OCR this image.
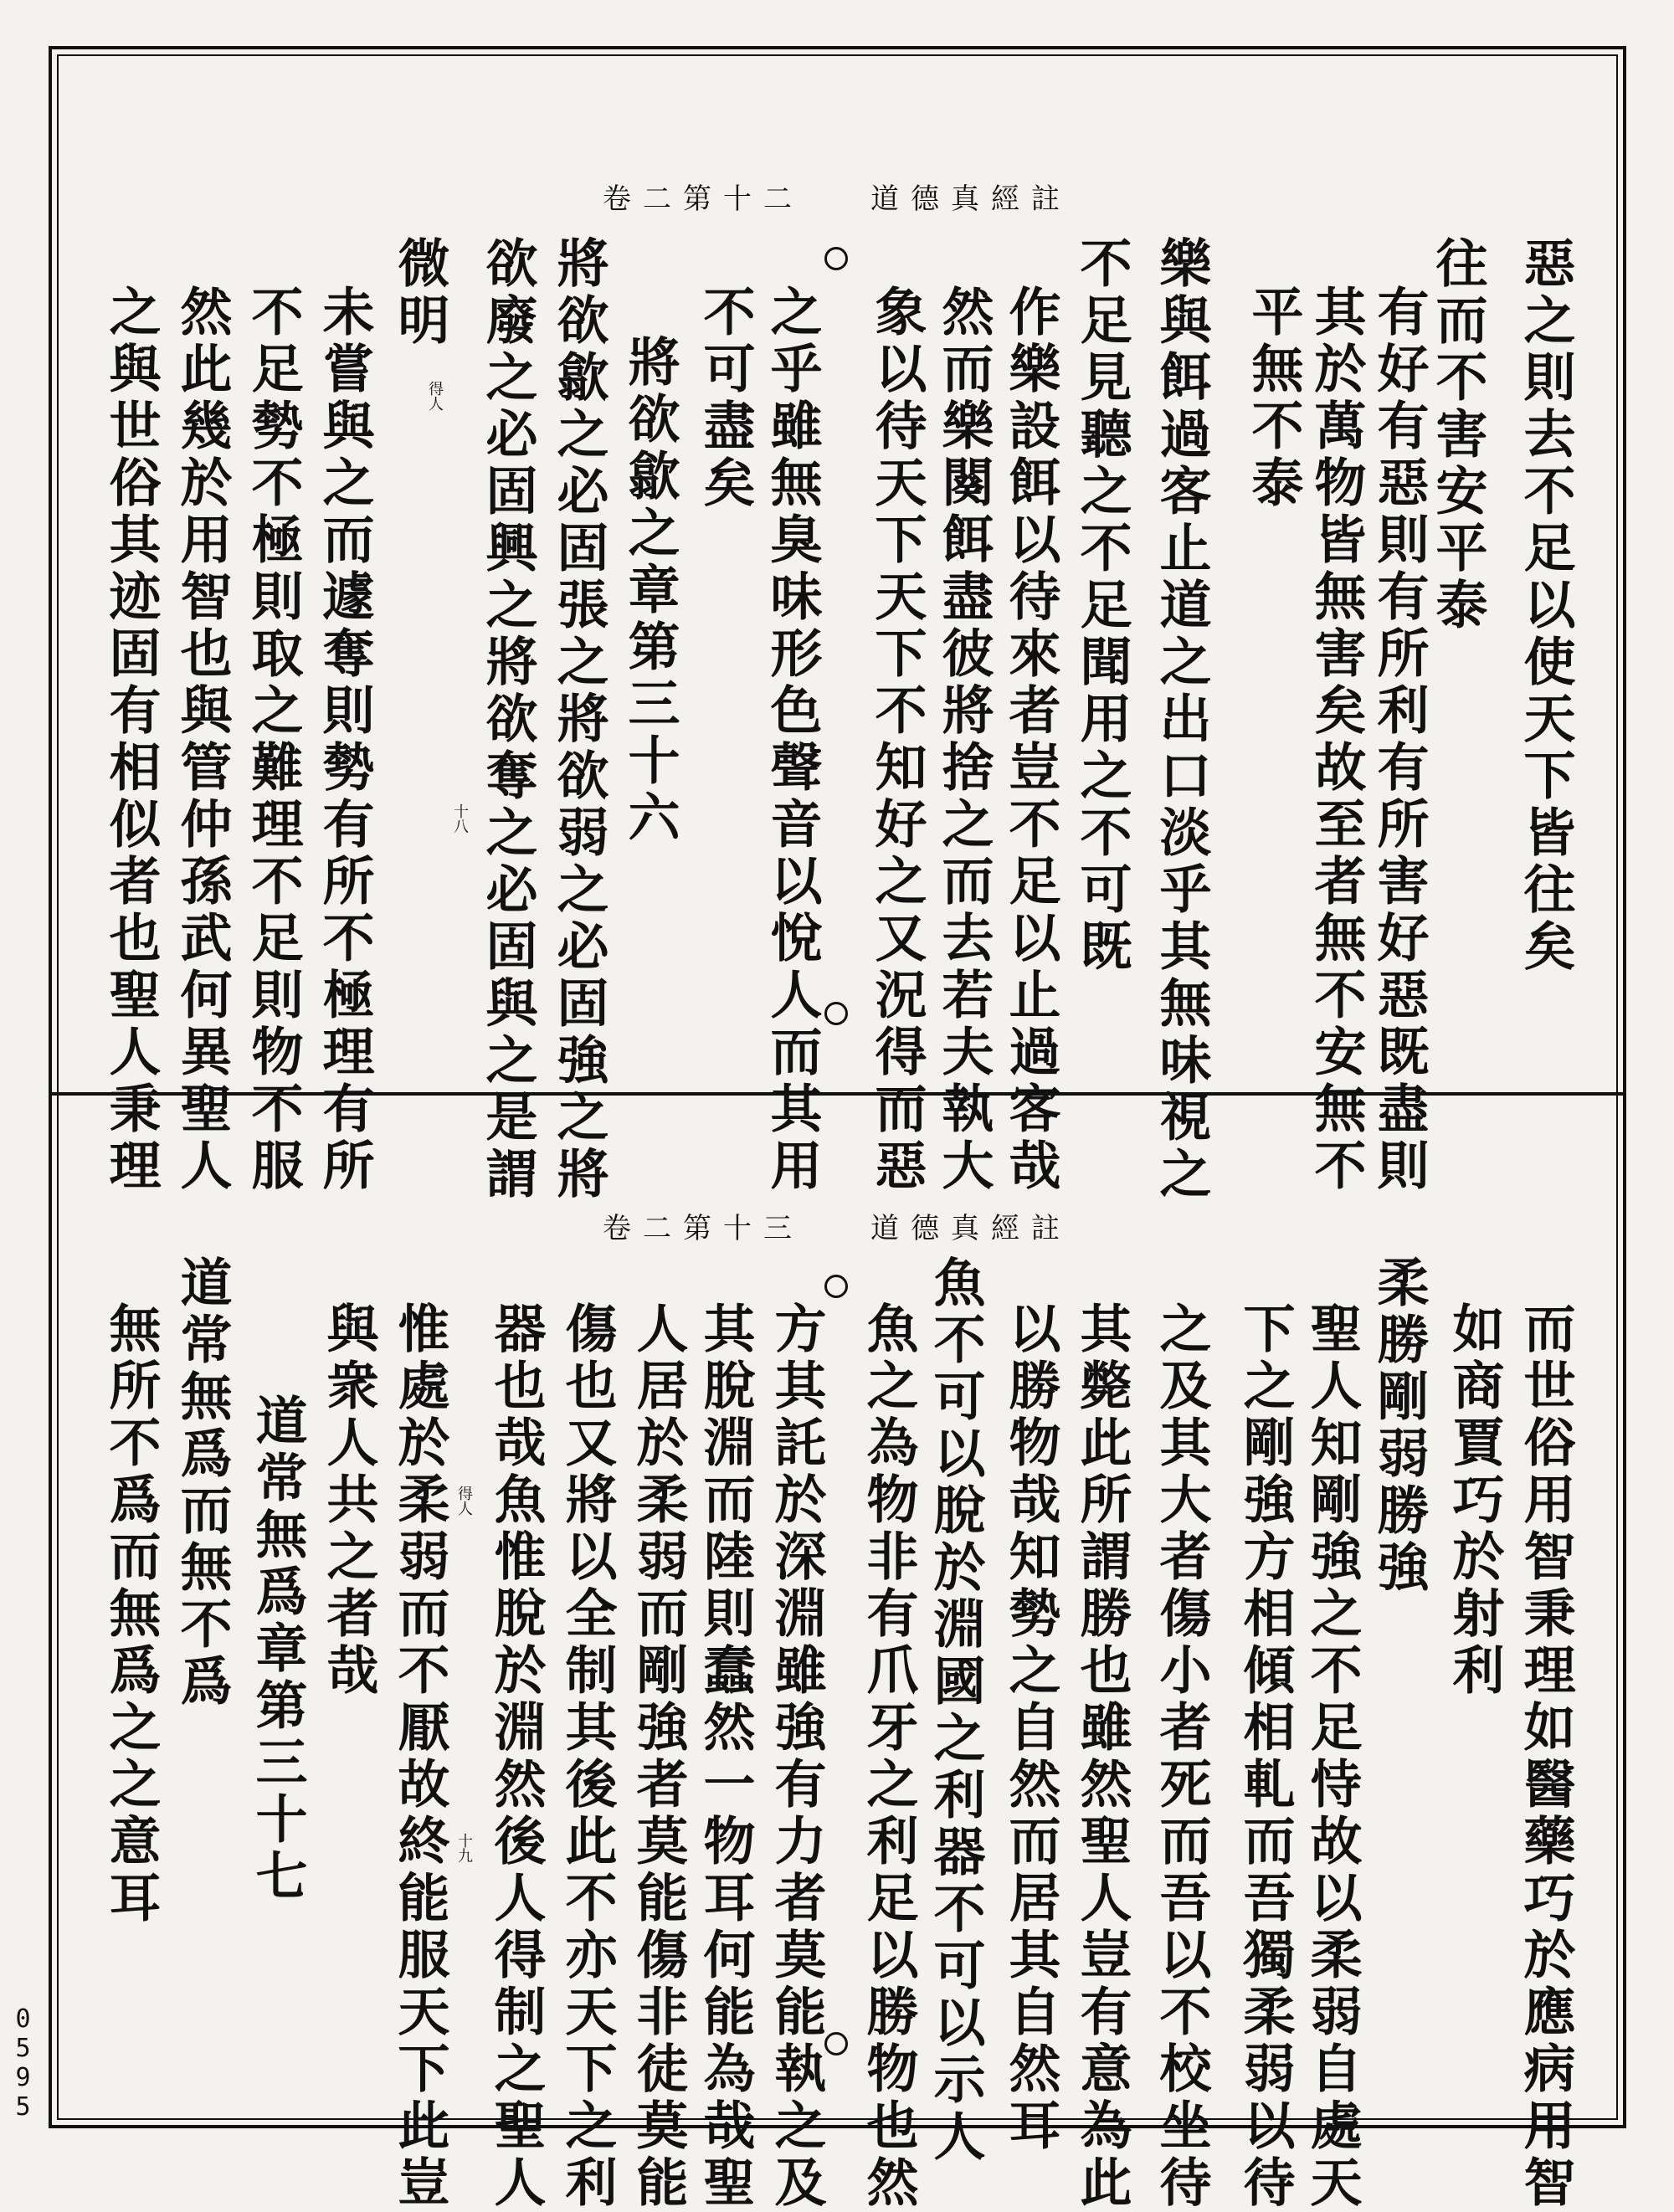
0595
卷二第十二 道德真經註
惡之則去不足以使天下皆往矣
往而不害安平泰
有好有惡則有所利有所害好惡既盡則
其於萬物皆無害矣故至者無不安無不
平無不泰
樂與餌過客止道之出口淡乎其無味視之
不足見聽之不足聞用之不可既
作樂設餌以待來者豈不足以止過客哉
然而樂闋餌盡彼將捨之而去若夫執大
象以待天下天下不知好之又況得而惡
之乎雖無臭味形色聲音以悅人而其用
不可盡矣
將欲歙之章第三十六
將欲歙之必固張之將欲弱之必固強之將
欲廢之必固興之將欲奪之必固與之是謂
微明
未嘗與之而遽奪則勢有所不極理有所
不足勢不極則取之難理不足則物不服
然此幾於用智也與管仲孫武何異聖人
之與世俗其迹固有相似者也聖人秉理	得人
十八
卷二第十三 道德真經註
而世俗用智秉理如醫藥巧於應病用智
如商賈巧於射利
柔勝剛弱勝強
聖人知剛強之不足恃故以柔弱自處天
下之剛強方相傾相軋而吾獨柔弱以待
之及其大者傷小者死而吾以不校坐待
其斃此所謂勝也雖然聖人豈有意為此
以勝物哉知勢之自然而居其自然耳
魚不可以脫於淵國之利器不可以示人
魚之為物非有爪牙之利足以勝物也然
方其託於深淵雖強有力者莫能執之及
其脫淵而陸則蠢然一物耳何能為哉聖
人居於柔弱而剛強者莫能傷非徒莫能
傷也又將以全制其後此不亦天下之利
器也哉魚惟脫於淵然後人得制之聖人
惟處於柔弱而不厭故終能服天下此豈
與衆人共之者哉
道常無爲章第三十七
道常無爲而無不爲
無所不爲而無爲之之意耳	得人
十九
